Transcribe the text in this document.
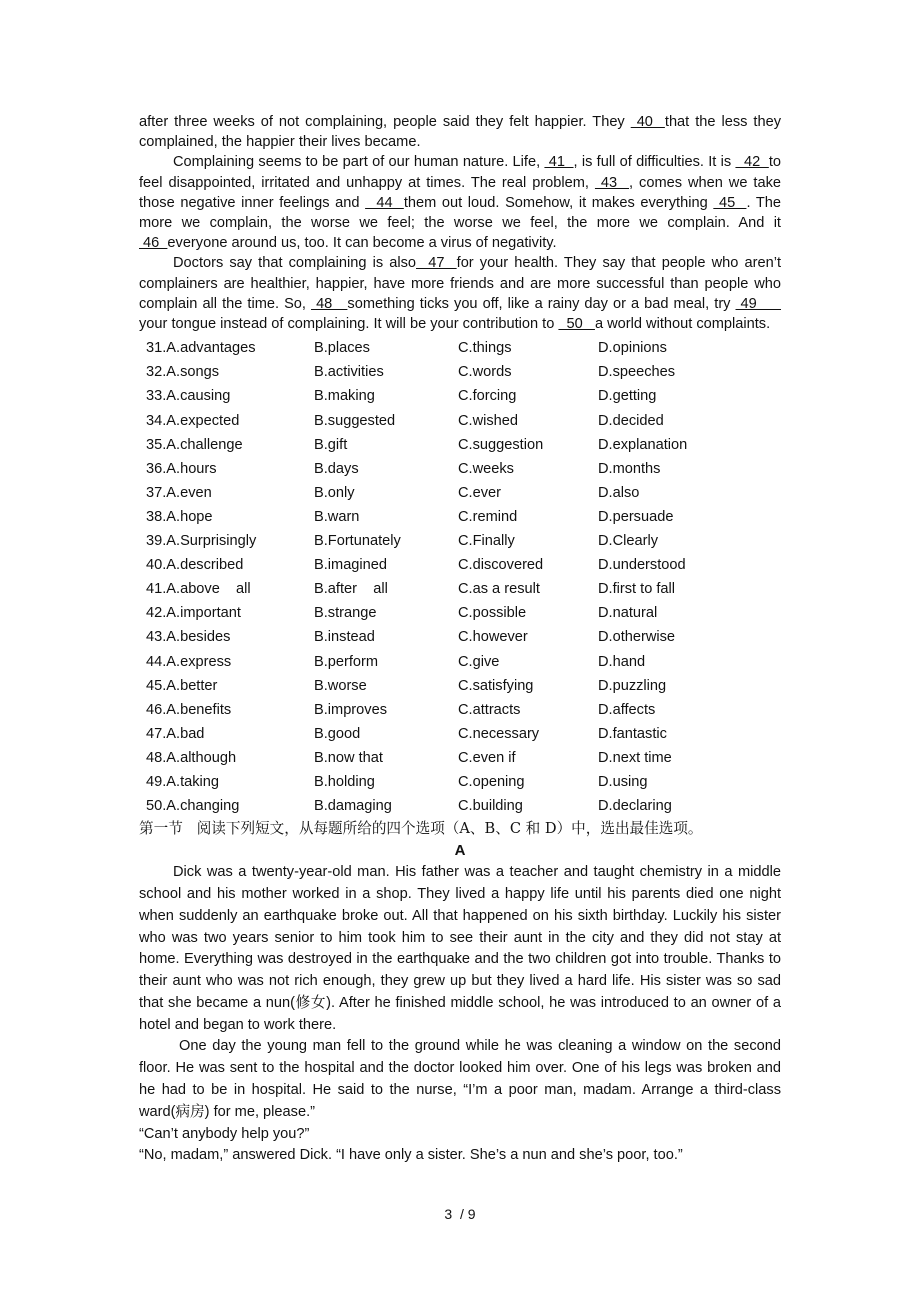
after three weeks of not complaining, people said they felt happier. They  40  that the less they complained, the happier their lives became.

Complaining seems to be part of our human nature. Life,  41  , is full of difficulties. It is   42  to feel disappointed, irritated and unhappy at times. The real problem,  43  , comes when we take those negative inner feelings and   44  them out loud. Somehow, it makes everything  45  . The more we complain, the worse we feel; the worse we feel, the more we complain. And it  46  everyone around us, too. It can become a virus of negativity.

Doctors say that complaining is also  47  for your health. They say that people who aren’t complainers are healthier, happier, have more friends and are more successful than people who complain all the time. So,  48   something ticks you off, like a rainy day or a bad meal, try  49      your tongue instead of complaining. It will be your contribution to   50   a world without complaints.

31.A.advantages	B.places	C.things	D.opinions
32.A.songs	B.activities	C.words	D.speeches
33.A.causing	B.making	C.forcing	D.getting
34.A.expected	B.suggested	C.wished	D.decided
35.A.challenge	B.gift	C.suggestion	D.explanation
36.A.hours	B.days	C.weeks	D.months
37.A.even	B.only	C.ever	D.also
38.A.hope	B.warn	C.remind	D.persuade
39.A.Surprisingly	B.Fortunately	C.Finally	D.Clearly
40.A.described	B.imagined	C.discovered	D.understood
41.A.above    all	B.after    all	C.as a result	D.first to fall
42.A.important	B.strange	C.possible	D.natural
43.A.besides	B.instead	C.however	D.otherwise
44.A.express	B.perform	C.give	D.hand
45.A.better	B.worse	C.satisfying	D.puzzling
46.A.benefits	B.improves	C.attracts	D.affects
47.A.bad	B.good	C.necessary	D.fantastic
48.A.although	B.now that	C.even if	D.next time
49.A.taking	B.holding	C.opening	D.using
50.A.changing	B.damaging	C.building	D.declaring
第一节   阅读下列短文，从每题所给的四个选项（A、B、C 和 D）中，选出最佳选项。
A

Dick was a twenty-year-old man. His father was a teacher and taught chemistry in a middle school and his mother worked in a shop. They lived a happy life until his parents died one night when suddenly an earthquake broke out. All that happened on his sixth birthday. Luckily his sister who was two years senior to him took him to see their aunt in the city and they did not stay at home. Everything was destroyed in the earthquake and the two children got into trouble. Thanks to their aunt who was not rich enough, they grew up but they lived a hard life. His sister was so sad that she became a nun(修女). After he finished middle school, he was introduced to an owner of a hotel and began to work there.

One day the young man fell to the ground while he was cleaning a window on the second floor. He was sent to the hospital and the doctor looked him over. One of his legs was broken and he had to be in hospital. He said to the nurse, “I’m a poor man, madam. Arrange a third-class ward(病房) for me, please.”

“Can’t anybody help you?”

“No, madam,” answered Dick. “I have only a sister. She’s a nun and she’s poor, too.”

3  / 9
